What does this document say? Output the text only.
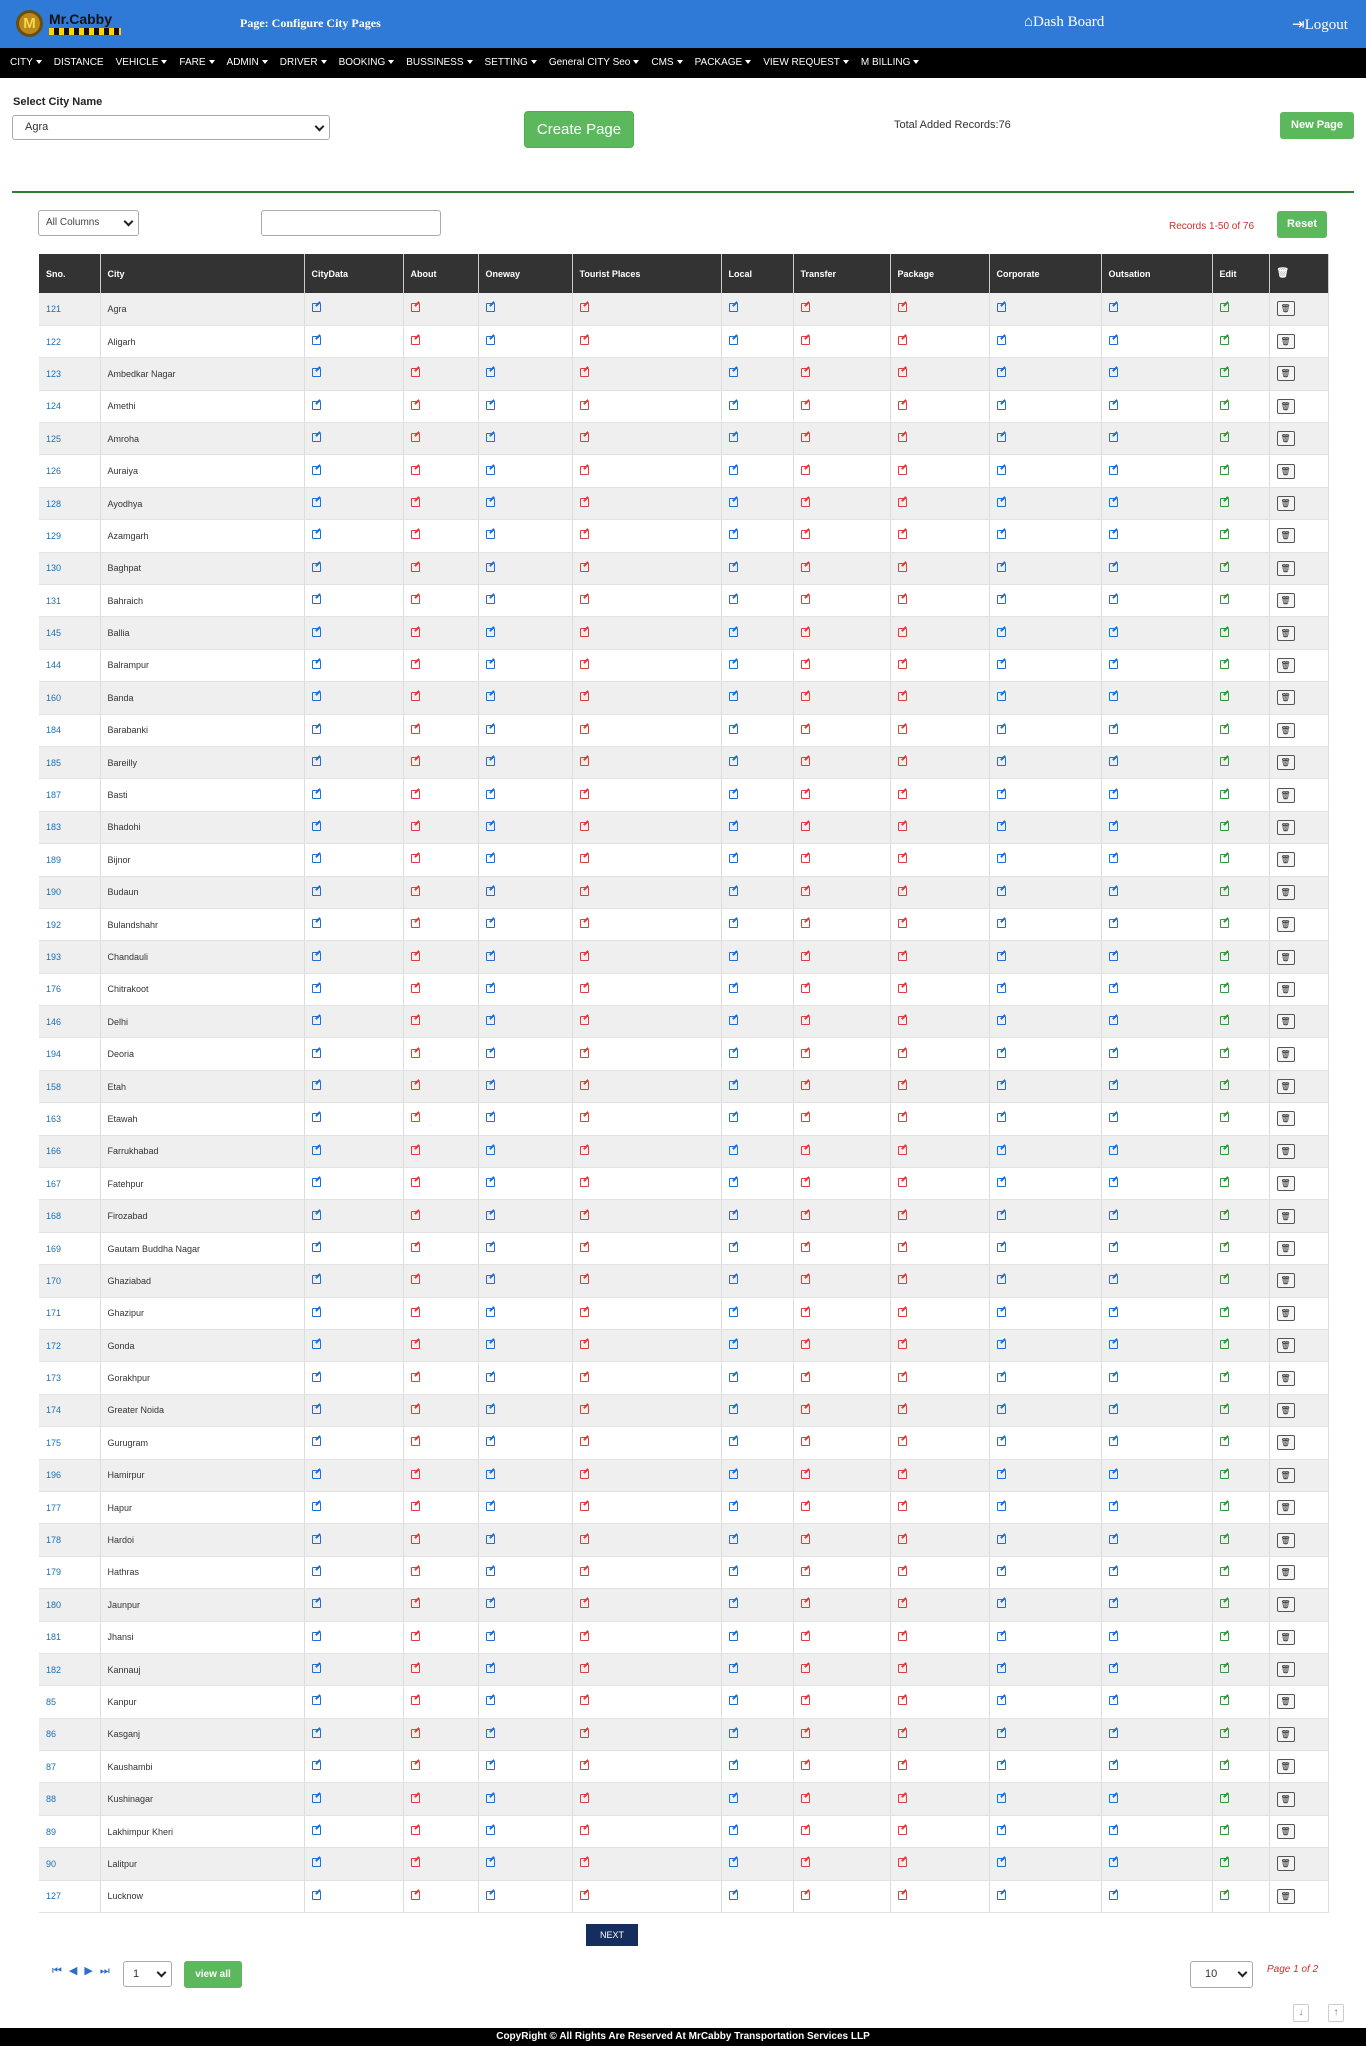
M Mr.Cabby	Page: Configure City Pages	⌂Dash Board	⇥Logout
CITY	DISTANCE VEHICLE	FARE	ADMIN	DRIVER	BOOKING	BUSSINESS	SETTING	General CITY Seo	CMS	PACKAGE	VIEW REQUEST	M BILLING
Select City Name
Agra	Create Page	Total Added Records:76	New Page
All Columns	Records 1-50 of 76	Reset
Sno.	City	CityData	About	Oneway	Tourist Places	Local	Transfer	Package	Corporate	Outsation	Edit	🗑
121	Agra											🗑
122	Aligarh											🗑
123	Ambedkar Nagar											🗑
124	Amethi											🗑
125	Amroha											🗑
126	Auraiya											🗑
128	Ayodhya											🗑
129	Azamgarh											🗑
130	Baghpat											🗑
131	Bahraich											🗑
145	Ballia											🗑
144	Balrampur											🗑
160	Banda											🗑
184	Barabanki											🗑
185	Bareilly											🗑
187	Basti											🗑
183	Bhadohi											🗑
189	Bijnor											🗑
190	Budaun											🗑
192	Bulandshahr											🗑
193	Chandauli											🗑
176	Chitrakoot											🗑
146	Delhi											🗑
194	Deoria											🗑
158	Etah											🗑
163	Etawah											🗑
166	Farrukhabad											🗑
167	Fatehpur											🗑
168	Firozabad											🗑
169	Gautam Buddha Nagar											🗑
170	Ghaziabad											🗑
171	Ghazipur											🗑
172	Gonda											🗑
173	Gorakhpur											🗑
174	Greater Noida											🗑
175	Gurugram											🗑
196	Hamirpur											🗑
177	Hapur											🗑
178	Hardoi											🗑
179	Hathras											🗑
180	Jaunpur											🗑
181	Jhansi											🗑
182	Kannauj											🗑
85	Kanpur											🗑
86	Kasganj											🗑
87	Kaushambi											🗑
88	Kushinagar											🗑
89	Lakhimpur Kheri											🗑
90	Lalitpur											🗑
127	Lucknow											🗑
NEXT
⏮ ◀ ▶ ⏭	1	view all	10	Page 1 of 2
↓	↑
CopyRight © All Rights Are Reserved At MrCabby Transportation Services LLP
